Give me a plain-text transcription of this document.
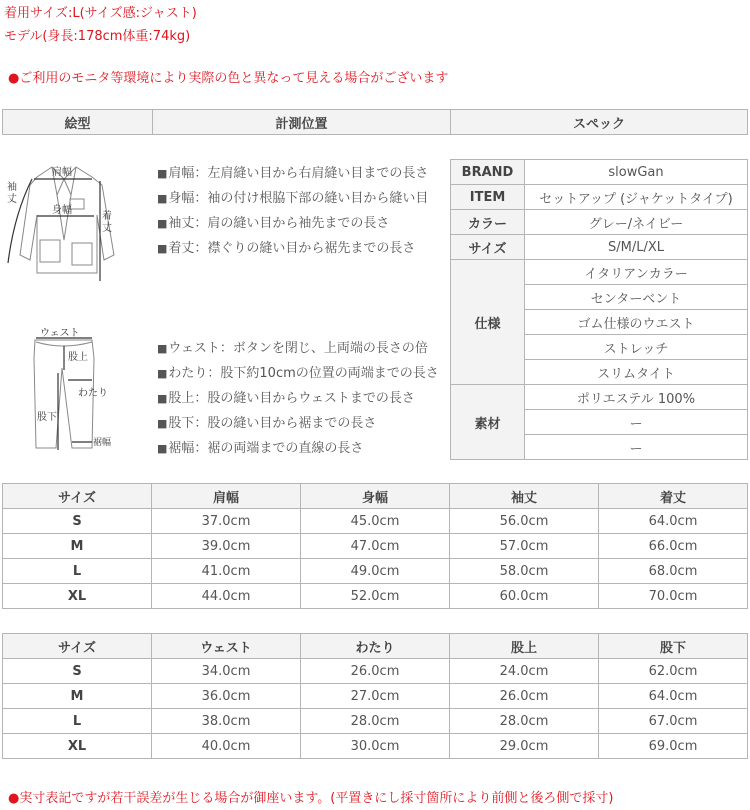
着用サイズ:L(サイズ感:ジャスト)
モデル(身長:178cm体重:74kg)
●ご利用のモニタ等環境により実際の色と異なって見える場合がございます
絵型	計測位置	スペック
肩幅
身幅
袖
丈
着
丈
■肩幅：左肩縫い目から右肩縫い目までの長さ
■身幅：袖の付け根脇下部の縫い目から縫い目
■袖丈：肩の縫い目から袖先までの長さ
■着丈：襟ぐりの縫い目から裾先までの長さ
ウェスト
股上
わたり
股下
裾幅
■ウェスト：ボタンを閉じ、上両端の長さの倍
■わたり：股下約10cmの位置の両端までの長さ
■股上：股の縫い目からウェストまでの長さ
■股下：股の縫い目から裾までの長さ
■裾幅：裾の両端までの直線の長さ
BRAND	slowGan
ITEM	セットアップ (ジャケットタイプ)
カラー	グレー/ネイビー
サイズ	S/M/L/XL
仕様	イタリアンカラー
	センターベント
	ゴム仕様のウエスト
	ストレッチ
	スリムタイト
素材	ポリエステル 100%
	ー
	ー
サイズ	肩幅	身幅	袖丈	着丈
S	37.0cm	45.0cm	56.0cm	64.0cm
M	39.0cm	47.0cm	57.0cm	66.0cm
L	41.0cm	49.0cm	58.0cm	68.0cm
XL	44.0cm	52.0cm	60.0cm	70.0cm
サイズ	ウェスト	わたり	股上	股下
S	34.0cm	26.0cm	24.0cm	62.0cm
M	36.0cm	27.0cm	26.0cm	64.0cm
L	38.0cm	28.0cm	28.0cm	67.0cm
XL	40.0cm	30.0cm	29.0cm	69.0cm
●実寸表記ですが若干誤差が生じる場合が御座います。(平置きにし採寸箇所により前側と後ろ側で採寸)
